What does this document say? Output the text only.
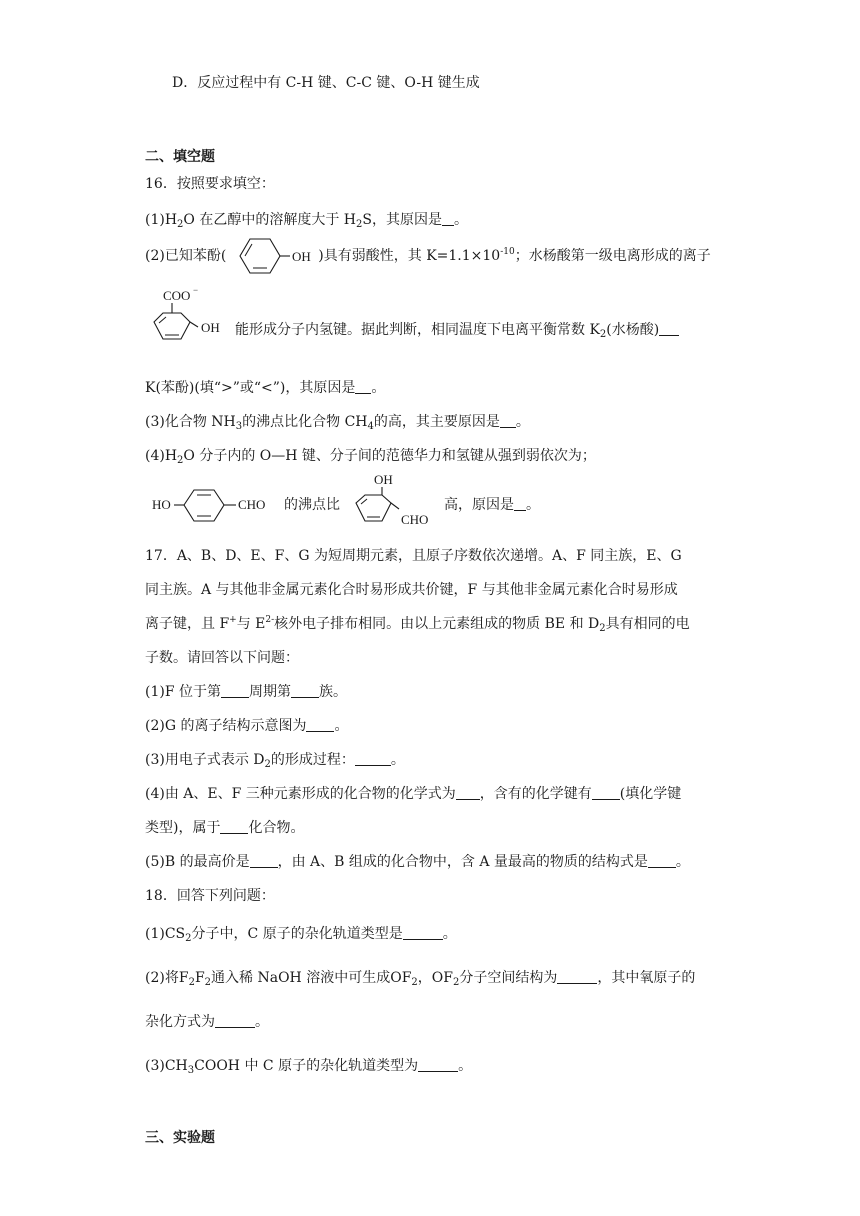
D．反应过程中有 C-H 键、C-C 键、O-H 键生成
二、填空题
16．按照要求填空：
$(1)H_2O$ 在乙醇中的溶解度大于 $H_2S$，其原因是 。
(2)已知苯酚(	)具有弱酸性，其 $K=1.1\times 10^{-10}$；水杨酸第一级电离形成的离子
OH
COO −
OH 能形成分子内氢键。据此判断，相同温度下电离平衡常数 $K_2$(水杨酸)
K(苯酚)(填“>”或“<”)，其原因是 。
(3)化合物 $NH_3$的沸点比化合物 $CH_4$的高，其主要原因是 。
$(4)H_2O$ 分子内的 O—H 键、分子间的范德华力和氢键从强到弱依次为；
HO	CHO 的沸点比
OH
CHO
高，原因是 。
17．A、B、D、E、F、G 为短周期元素，且原子序数依次递增。A、F 同主族，E、G
同主族。A 与其他非金属元素化合时易形成共价键，F 与其他非金属元素化合时易形成
离子键，且 F+与 $E^{2-}$核外电子排布相同。由以上元素组成的物质 BE 和 $D_2$具有相同的电
子数。请回答以下问题：
(1)F 位于第 周期第 族。
(2)G 的离子结构示意图为 。
(3)用电子式表示 $D_2$的形成过程：	。
(4)由 A、E、F 三种元素形成的化合物的化学式为 ，含有的化学键有 (填化学键
类型)，属于 化合物。
(5)B 的最高价是 ，由 A、B 组成的化合物中，含 A 量最高的物质的结构式是 。
18．回答下列问题：
$(1)CS_2$分子中，C 原子的杂化轨道类型是	。
(2)将$F_2F_2$通入稀 NaOH 溶液中可生成$OF_2$，$OF_2$分子空间结构为	，其中氧原子的
杂化方式为	。
$(3)CH_3COOH$ 中 C 原子的杂化轨道类型为	。
三、实验题
